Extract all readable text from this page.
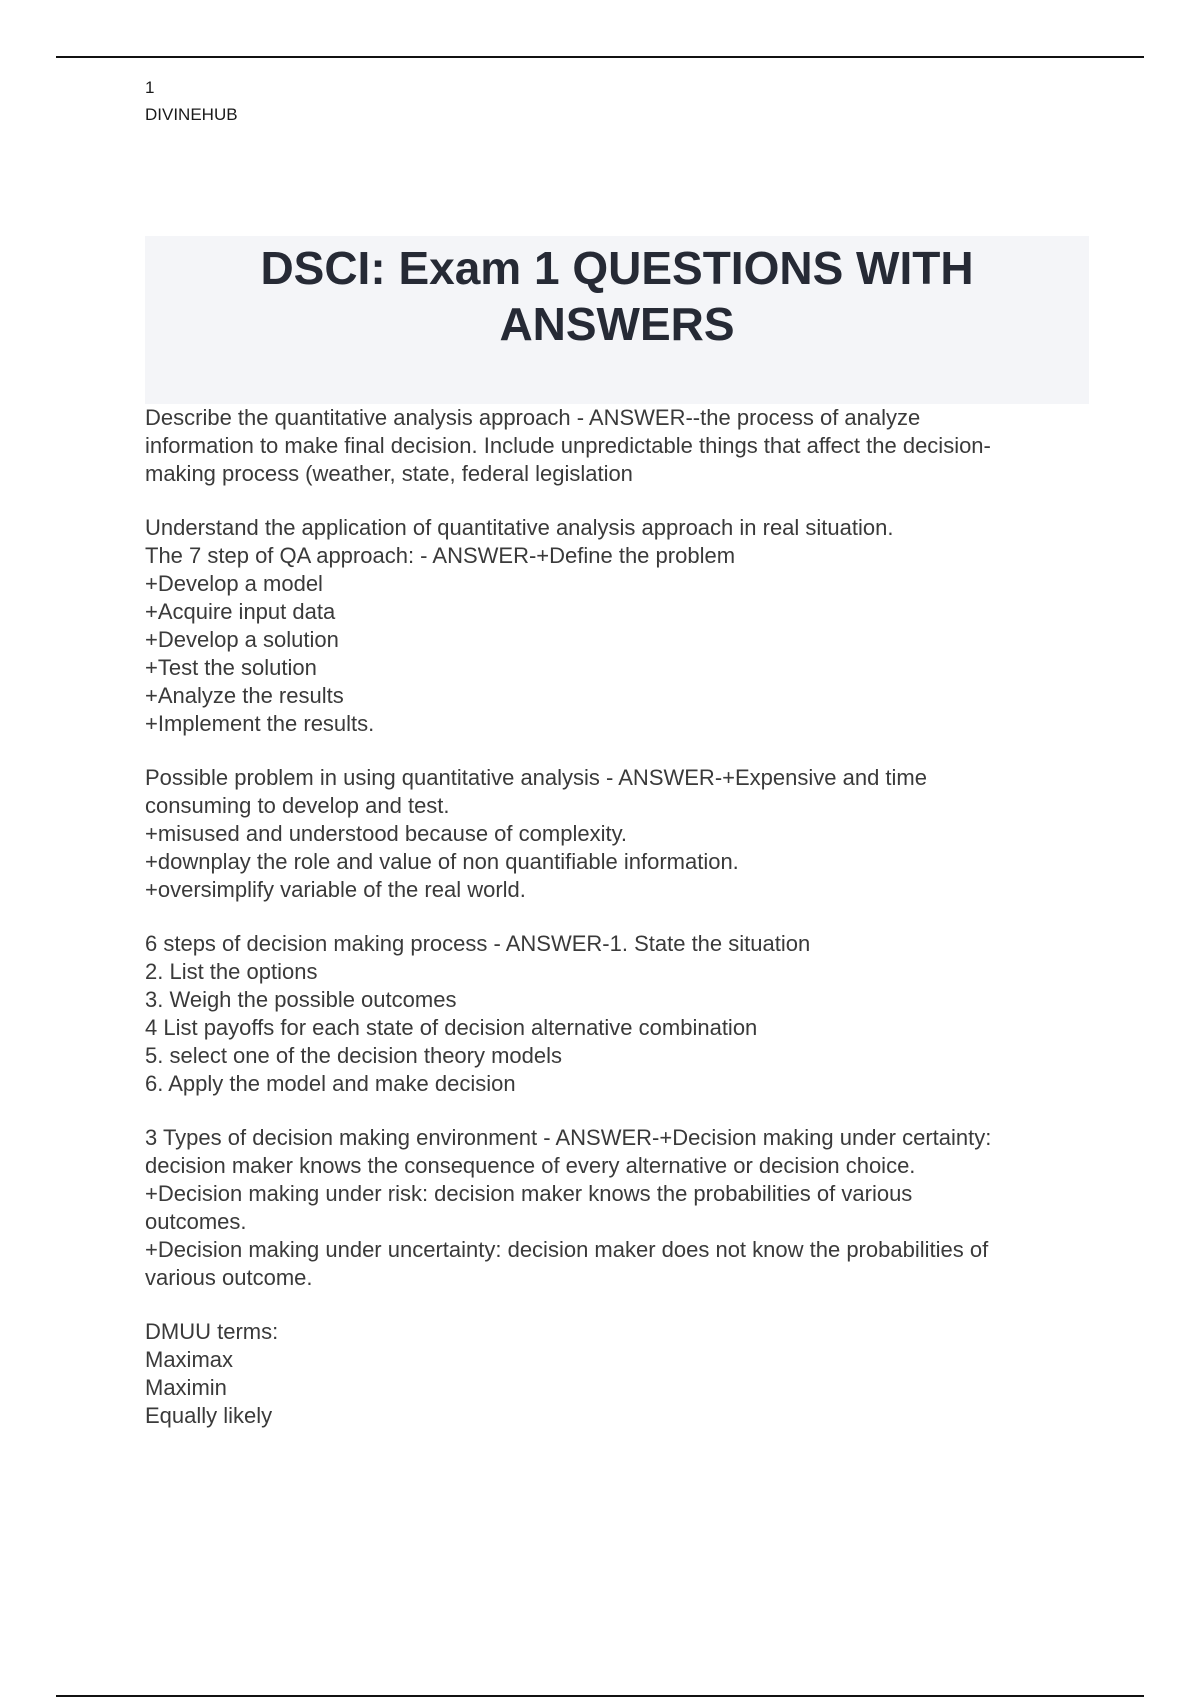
1
DIVINEHUB
DSCI: Exam 1 QUESTIONS WITH
ANSWERS
Describe the quantitative analysis approach - ANSWER--the process of analyze
information to make final decision. Include unpredictable things that affect the decision-
making process (weather, state, federal legislation
Understand the application of quantitative analysis approach in real situation.
The 7 step of QA approach: - ANSWER-+Define the problem
+Develop a model
+Acquire input data
+Develop a solution
+Test the solution
+Analyze the results
+Implement the results.
Possible problem in using quantitative analysis - ANSWER-+Expensive and time
consuming to develop and test.
+misused and understood because of complexity.
+downplay the role and value of non quantifiable information.
+oversimplify variable of the real world.
6 steps of decision making process - ANSWER-1. State the situation
2. List the options
3. Weigh the possible outcomes
4 List payoffs for each state of decision alternative combination
5. select one of the decision theory models
6. Apply the model and make decision
3 Types of decision making environment - ANSWER-+Decision making under certainty:
decision maker knows the consequence of every alternative or decision choice.
+Decision making under risk: decision maker knows the probabilities of various
outcomes.
+Decision making under uncertainty: decision maker does not know the probabilities of
various outcome.
DMUU terms:
Maximax
Maximin
Equally likely
